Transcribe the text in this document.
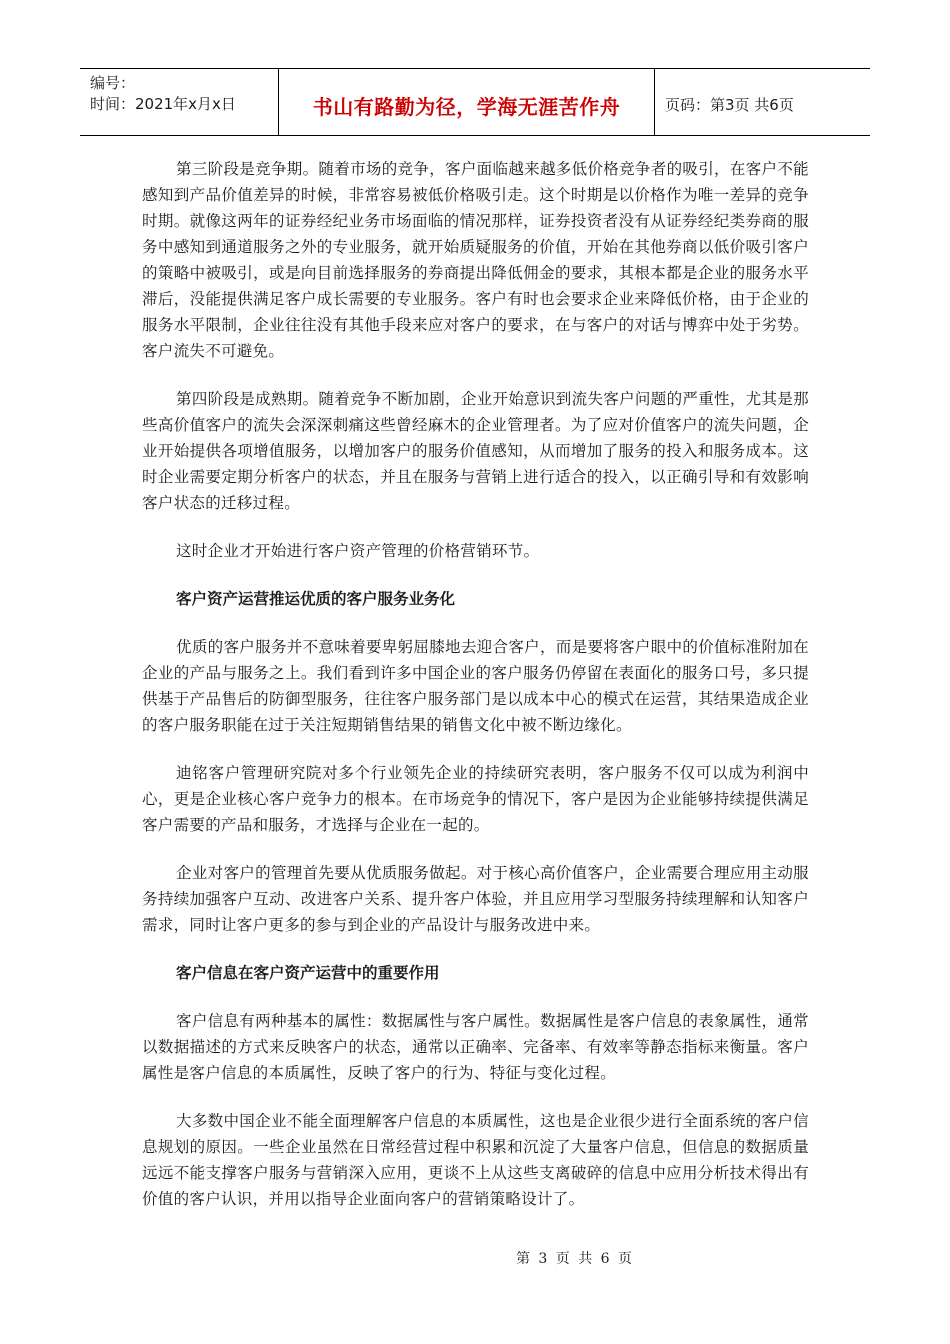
编号：
时间：2021年x月x日	书山有路勤为径，学海无涯苦作舟	页码：第3页 共6页

第三阶段是竞争期。随着市场的竞争，客户面临越来越多低价格竞争者的吸引，在客户不能感知到产品价值差异的时候，非常容易被低价格吸引走。这个时期是以价格作为唯一差异的竞争时期。就像这两年的证券经纪业务市场面临的情况那样，证券投资者没有从证券经纪类券商的服务中感知到通道服务之外的专业服务，就开始质疑服务的价值，开始在其他券商以低价吸引客户的策略中被吸引，或是向目前选择服务的券商提出降低佣金的要求，其根本都是企业的服务水平滞后，没能提供满足客户成长需要的专业服务。客户有时也会要求企业来降低价格，由于企业的服务水平限制，企业往往没有其他手段来应对客户的要求，在与客户的对话与博弈中处于劣势。客户流失不可避免。

第四阶段是成熟期。随着竞争不断加剧，企业开始意识到流失客户问题的严重性，尤其是那些高价值客户的流失会深深刺痛这些曾经麻木的企业管理者。为了应对价值客户的流失问题，企业开始提供各项增值服务，以增加客户的服务价值感知，从而增加了服务的投入和服务成本。这时企业需要定期分析客户的状态，并且在服务与营销上进行适合的投入，以正确引导和有效影响客户状态的迁移过程。

这时企业才开始进行客户资产管理的价格营销环节。

客户资产运营推运优质的客户服务业务化

优质的客户服务并不意味着要卑躬屈膝地去迎合客户，而是要将客户眼中的价值标准附加在企业的产品与服务之上。我们看到许多中国企业的客户服务仍停留在表面化的服务口号，多只提供基于产品售后的防御型服务，往往客户服务部门是以成本中心的模式在运营，其结果造成企业的客户服务职能在过于关注短期销售结果的销售文化中被不断边缘化。

迪铭客户管理研究院对多个行业领先企业的持续研究表明，客户服务不仅可以成为利润中心，更是企业核心客户竞争力的根本。在市场竞争的情况下，客户是因为企业能够持续提供满足客户需要的产品和服务，才选择与企业在一起的。

企业对客户的管理首先要从优质服务做起。对于核心高价值客户，企业需要合理应用主动服务持续加强客户互动、改进客户关系、提升客户体验，并且应用学习型服务持续理解和认知客户需求，同时让客户更多的参与到企业的产品设计与服务改进中来。

客户信息在客户资产运营中的重要作用

客户信息有两种基本的属性：数据属性与客户属性。数据属性是客户信息的表象属性，通常以数据描述的方式来反映客户的状态，通常以正确率、完备率、有效率等静态指标来衡量。客户属性是客户信息的本质属性，反映了客户的行为、特征与变化过程。

大多数中国企业不能全面理解客户信息的本质属性，这也是企业很少进行全面系统的客户信息规划的原因。一些企业虽然在日常经营过程中积累和沉淀了大量客户信息，但信息的数据质量远远不能支撑客户服务与营销深入应用，更谈不上从这些支离破碎的信息中应用分析技术得出有价值的客户认识，并用以指导企业面向客户的营销策略设计了。

第 3 页 共 6 页
